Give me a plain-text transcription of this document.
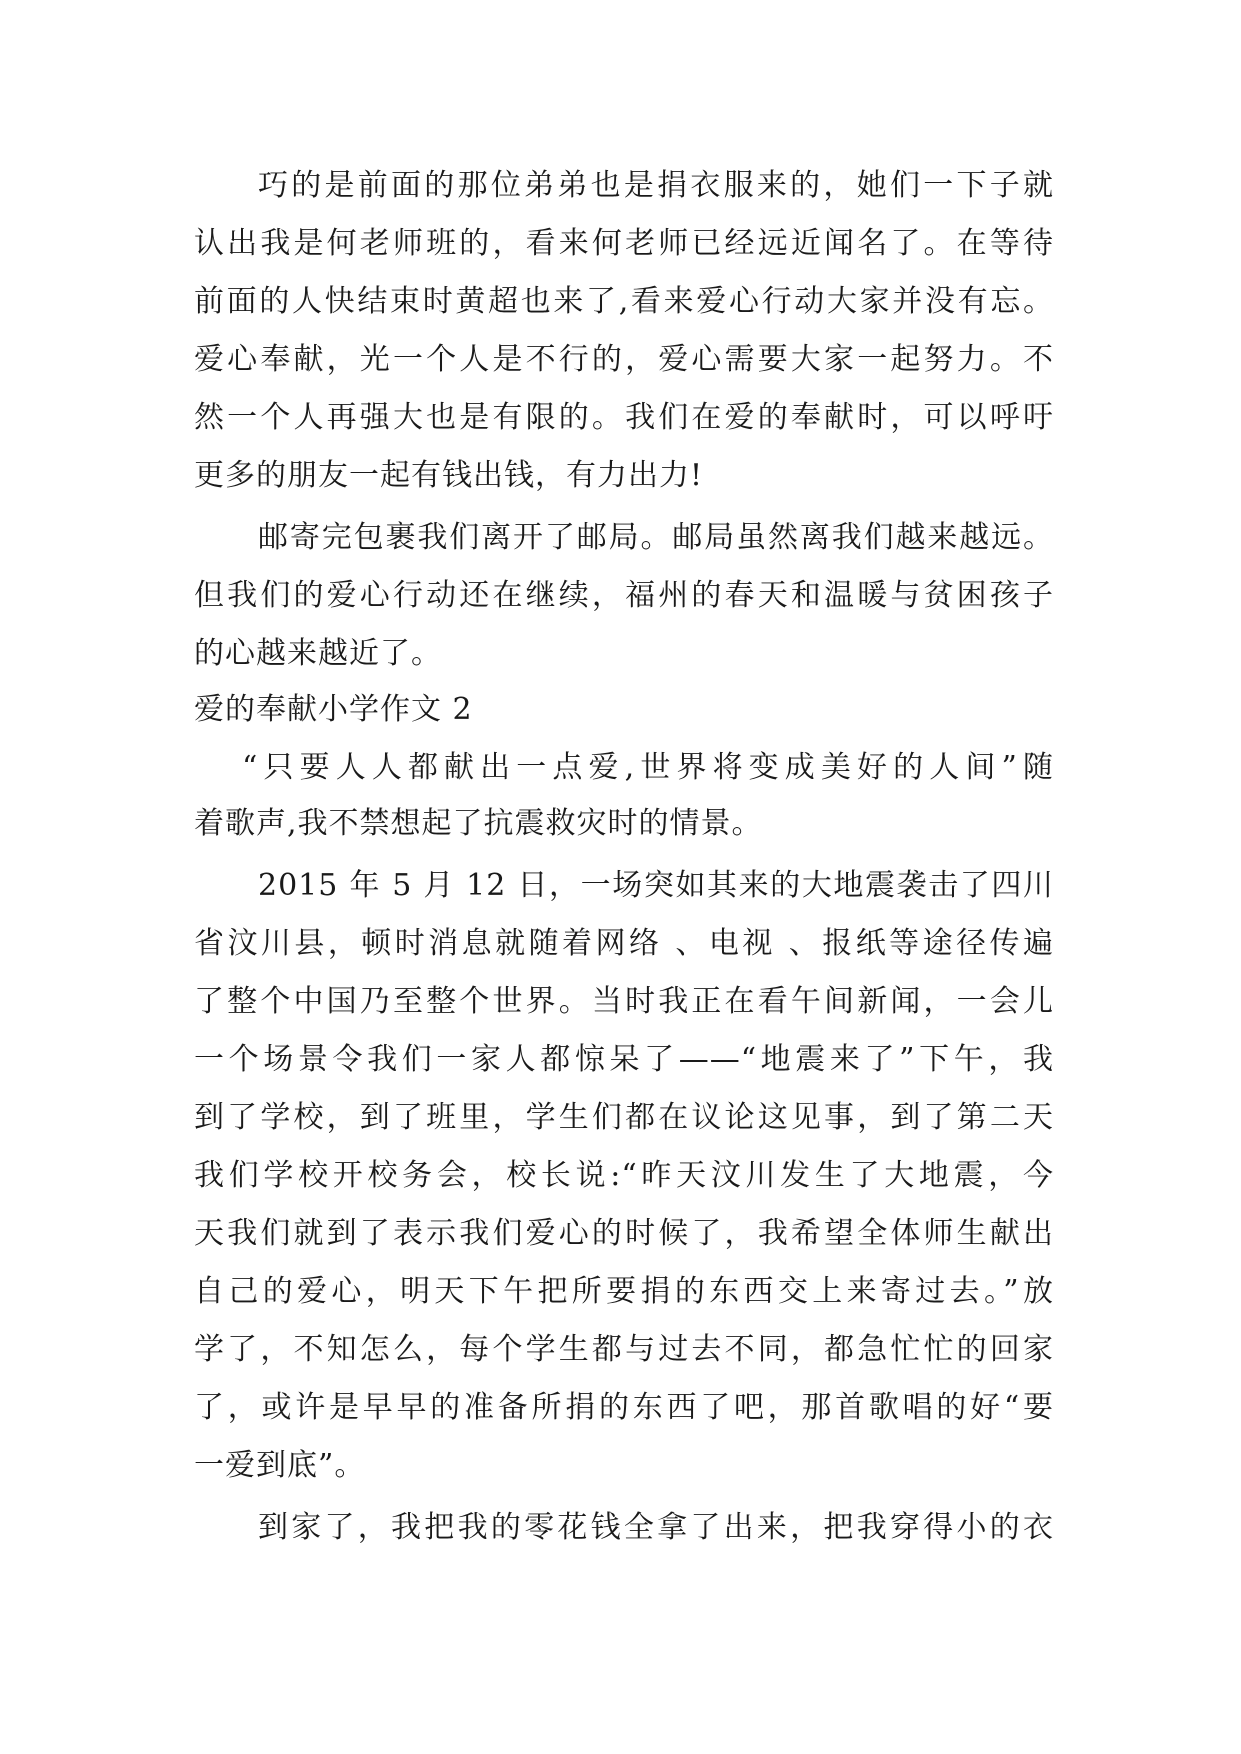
巧的是前面的那位弟弟也是捐衣服来的，她们一下子就

认出我是何老师班的，看来何老师已经远近闻名了。在等待

前面的人快结束时黄超也来了,看来爱心行动大家并没有忘。

爱心奉献，光一个人是不行的，爱心需要大家一起努力。不

然一个人再强大也是有限的。我们在爱的奉献时，可以呼吁

更多的朋友一起有钱出钱，有力出力!

邮寄完包裹我们离开了邮局。邮局虽然离我们越来越远。

但我们的爱心行动还在继续，福州的春天和温暖与贫困孩子

的心越来越近了。

爱的奉献小学作文 2

“只要人人都献出一点爱,世界将变成美好的人间”随

着歌声,我不禁想起了抗震救灾时的情景。

2015 年 5 月 12 日，一场突如其来的大地震袭击了四川

省汶川县，顿时消息就随着网络 、电视 、报纸等途径传遍

了整个中国乃至整个世界。当时我正在看午间新闻，一会儿

一个场景令我们一家人都惊呆了——“地震来了”下午，我

到了学校，到了班里，学生们都在议论这见事，到了第二天

我们学校开校务会，校长说:“昨天汶川发生了大地震，今

天我们就到了表示我们爱心的时候了，我希望全体师生献出

自己的爱心，明天下午把所要捐的东西交上来寄过去。”放

学了，不知怎么，每个学生都与过去不同，都急忙忙的回家

了，或许是早早的准备所捐的东西了吧，那首歌唱的好“要

一爱到底”。

到家了，我把我的零花钱全拿了出来，把我穿得小的衣
